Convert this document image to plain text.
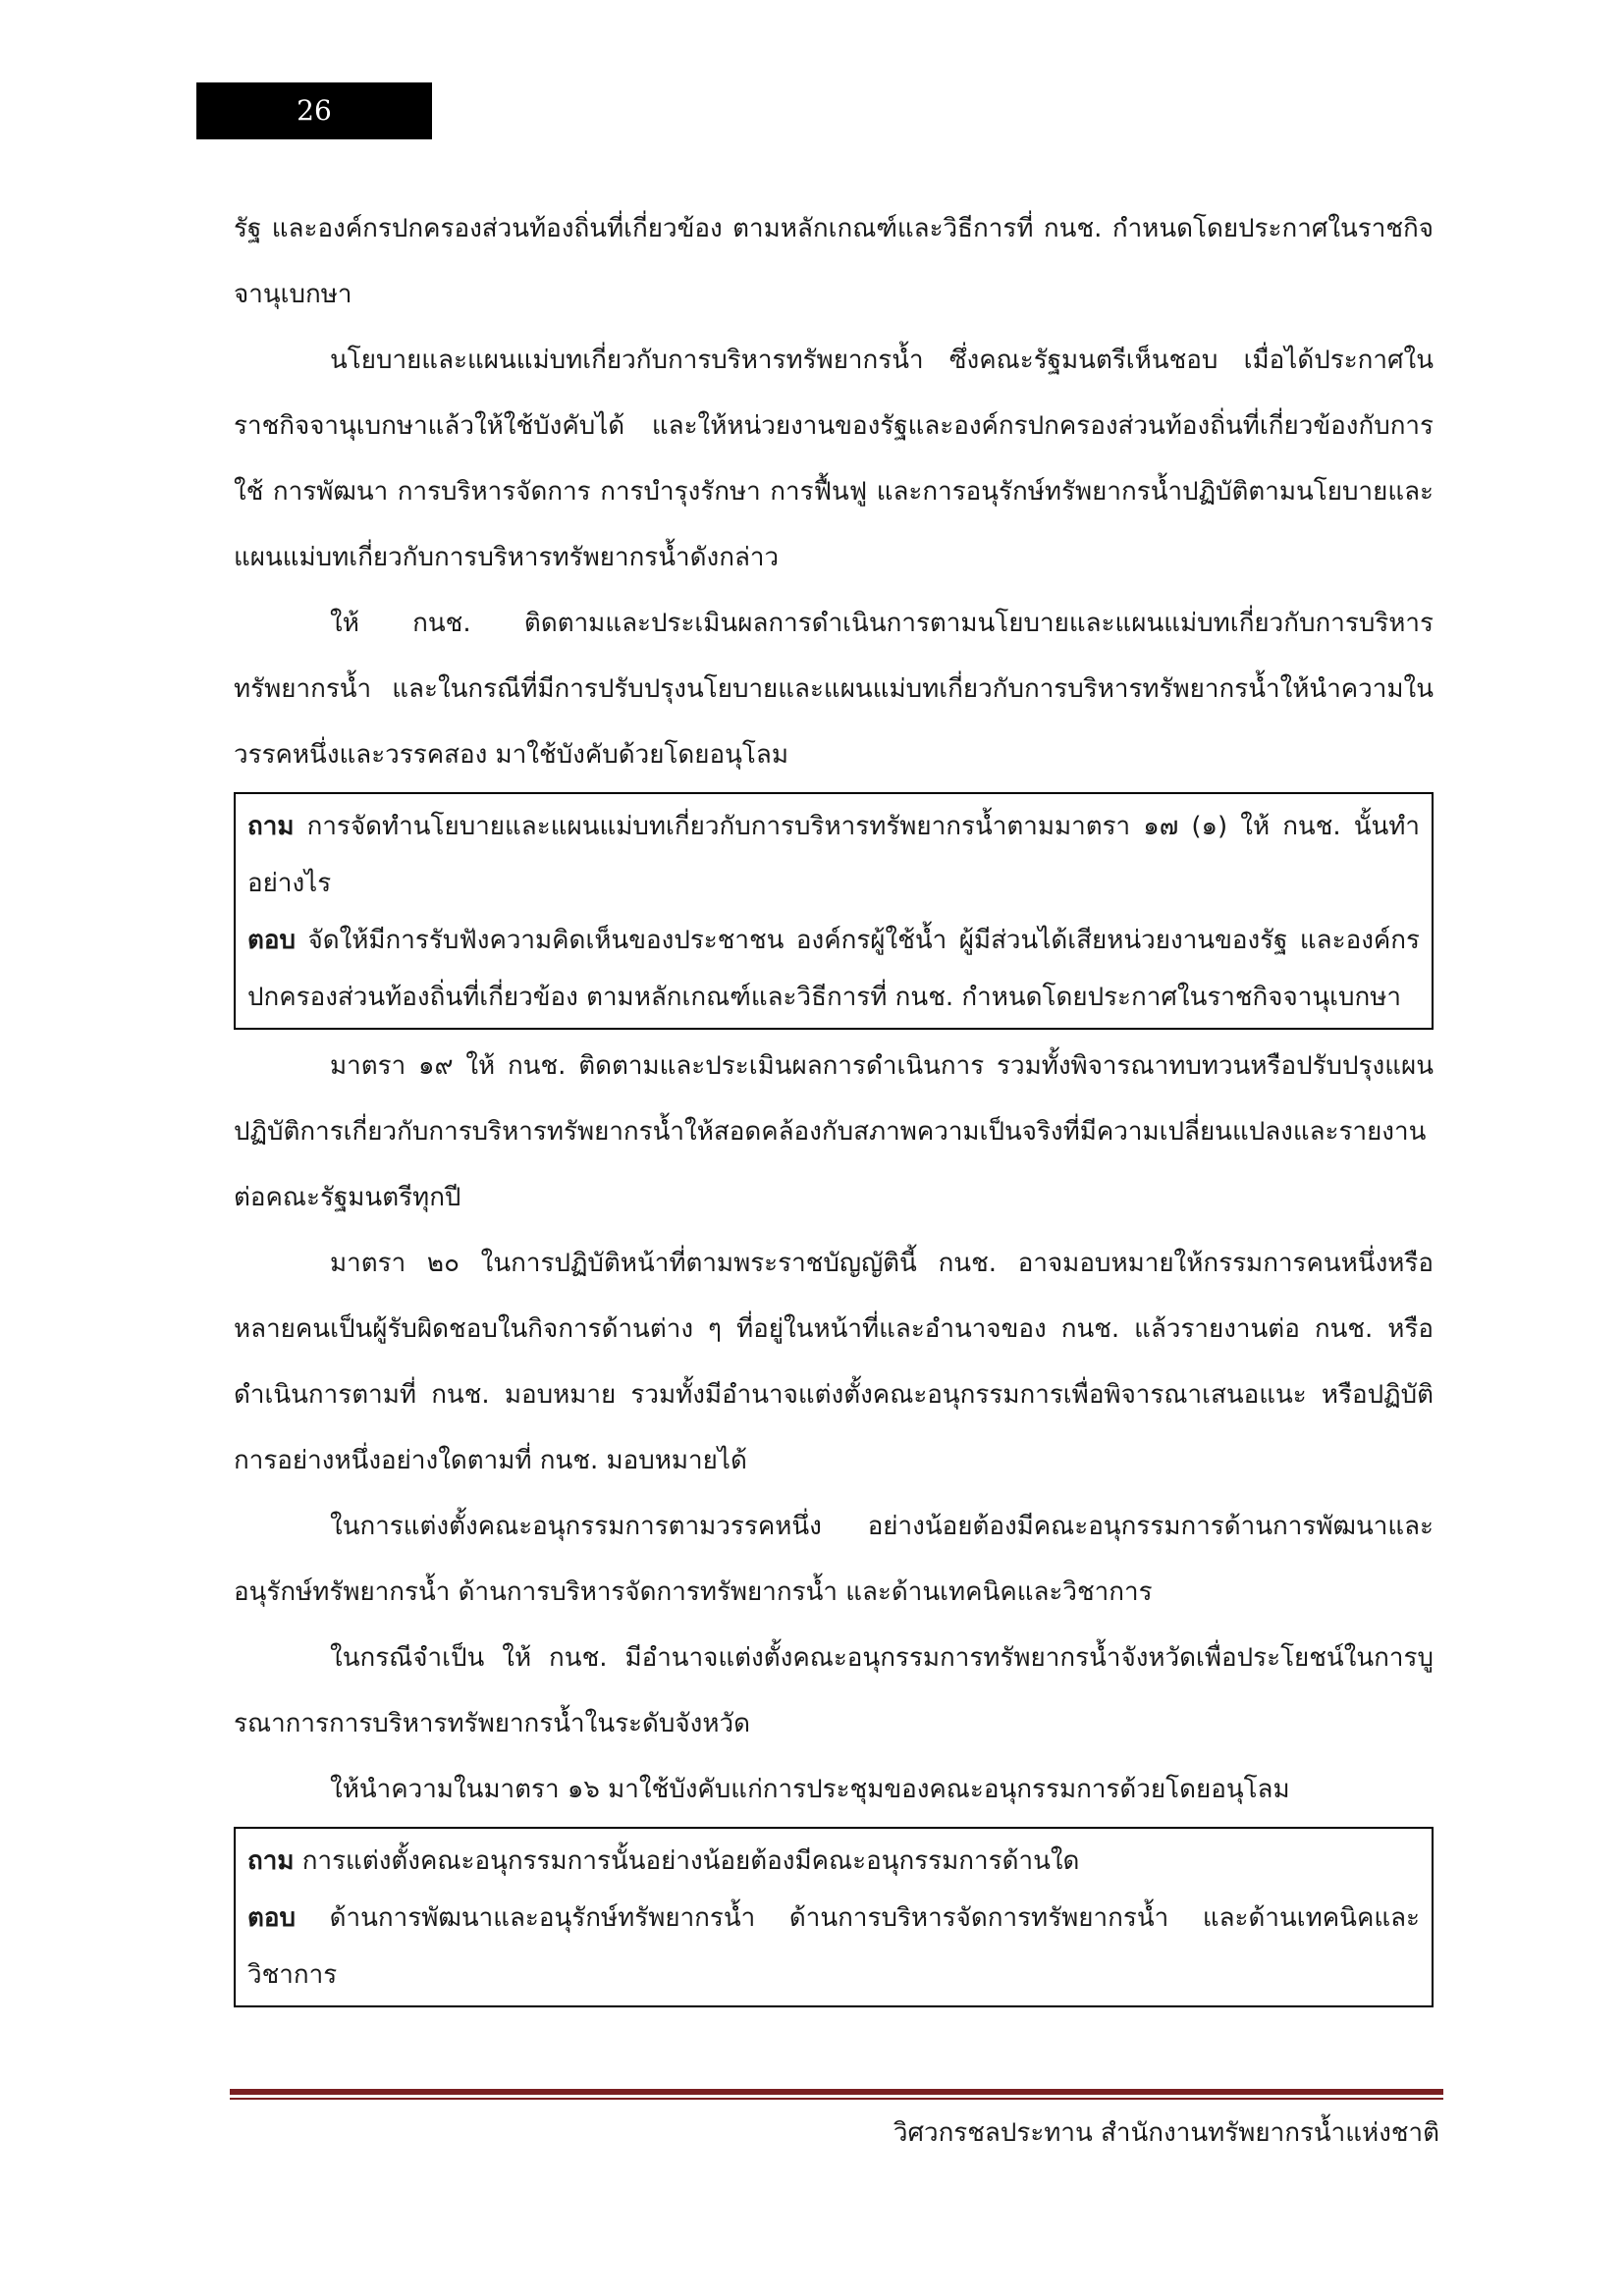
26

รัฐ และองค์กรปกครองส่วนท้องถิ่นที่เกี่ยวข้อง ตามหลักเกณฑ์และวิธีการที่ กนช. กำหนดโดยประกาศในราชกิจจานุเบกษา

นโยบายและแผนแม่บทเกี่ยวกับการบริหารทรัพยากรน้ำ ซึ่งคณะรัฐมนตรีเห็นชอบ เมื่อได้ประกาศในราชกิจจานุเบกษาแล้วให้ใช้บังคับได้ และให้หน่วยงานของรัฐและองค์กรปกครองส่วนท้องถิ่นที่เกี่ยวข้องกับการใช้ การพัฒนา การบริหารจัดการ การบำรุงรักษา การฟื้นฟู และการอนุรักษ์ทรัพยากรน้ำปฏิบัติตามนโยบายและแผนแม่บทเกี่ยวกับการบริหารทรัพยากรน้ำดังกล่าว

ให้ กนช. ติดตามและประเมินผลการดำเนินการตามนโยบายและแผนแม่บทเกี่ยวกับการบริหารทรัพยากรน้ำ และในกรณีที่มีการปรับปรุงนโยบายและแผนแม่บทเกี่ยวกับการบริหารทรัพยากรน้ำให้นำความในวรรคหนึ่งและวรรคสอง มาใช้บังคับด้วยโดยอนุโลม

ถาม การจัดทำนโยบายและแผนแม่บทเกี่ยวกับการบริหารทรัพยากรน้ำตามมาตรา ๑๗ (๑) ให้ กนช. นั้นทำอย่างไร

ตอบ จัดให้มีการรับฟังความคิดเห็นของประชาชน องค์กรผู้ใช้น้ำ ผู้มีส่วนได้เสียหน่วยงานของรัฐ และองค์กรปกครองส่วนท้องถิ่นที่เกี่ยวข้อง ตามหลักเกณฑ์และวิธีการที่ กนช. กำหนดโดยประกาศในราชกิจจานุเบกษา

มาตรา ๑๙ ให้ กนช. ติดตามและประเมินผลการดำเนินการ รวมทั้งพิจารณาทบทวนหรือปรับปรุงแผนปฏิบัติการเกี่ยวกับการบริหารทรัพยากรน้ำให้สอดคล้องกับสภาพความเป็นจริงที่มีความเปลี่ยนแปลงและรายงานต่อคณะรัฐมนตรีทุกปี

มาตรา ๒๐ ในการปฏิบัติหน้าที่ตามพระราชบัญญัตินี้ กนช. อาจมอบหมายให้กรรมการคนหนึ่งหรือหลายคนเป็นผู้รับผิดชอบในกิจการด้านต่าง ๆ ที่อยู่ในหน้าที่และอำนาจของ กนช. แล้วรายงานต่อ กนช. หรือดำเนินการตามที่ กนช. มอบหมาย รวมทั้งมีอำนาจแต่งตั้งคณะอนุกรรมการเพื่อพิจารณาเสนอแนะ หรือปฏิบัติการอย่างหนึ่งอย่างใดตามที่ กนช. มอบหมายได้

ในการแต่งตั้งคณะอนุกรรมการตามวรรคหนึ่ง อย่างน้อยต้องมีคณะอนุกรรมการด้านการพัฒนาและอนุรักษ์ทรัพยากรน้ำ ด้านการบริหารจัดการทรัพยากรน้ำ และด้านเทคนิคและวิชาการ

ในกรณีจำเป็น ให้ กนช. มีอำนาจแต่งตั้งคณะอนุกรรมการทรัพยากรน้ำจังหวัดเพื่อประโยชน์ในการบูรณาการการบริหารทรัพยากรน้ำในระดับจังหวัด

ให้นำความในมาตรา ๑๖ มาใช้บังคับแก่การประชุมของคณะอนุกรรมการด้วยโดยอนุโลม

ถาม การแต่งตั้งคณะอนุกรรมการนั้นอย่างน้อยต้องมีคณะอนุกรรมการด้านใด

ตอบ ด้านการพัฒนาและอนุรักษ์ทรัพยากรน้ำ ด้านการบริหารจัดการทรัพยากรน้ำ และด้านเทคนิคและวิชาการ

วิศวกรชลประทาน สำนักงานทรัพยากรน้ำแห่งชาติ
